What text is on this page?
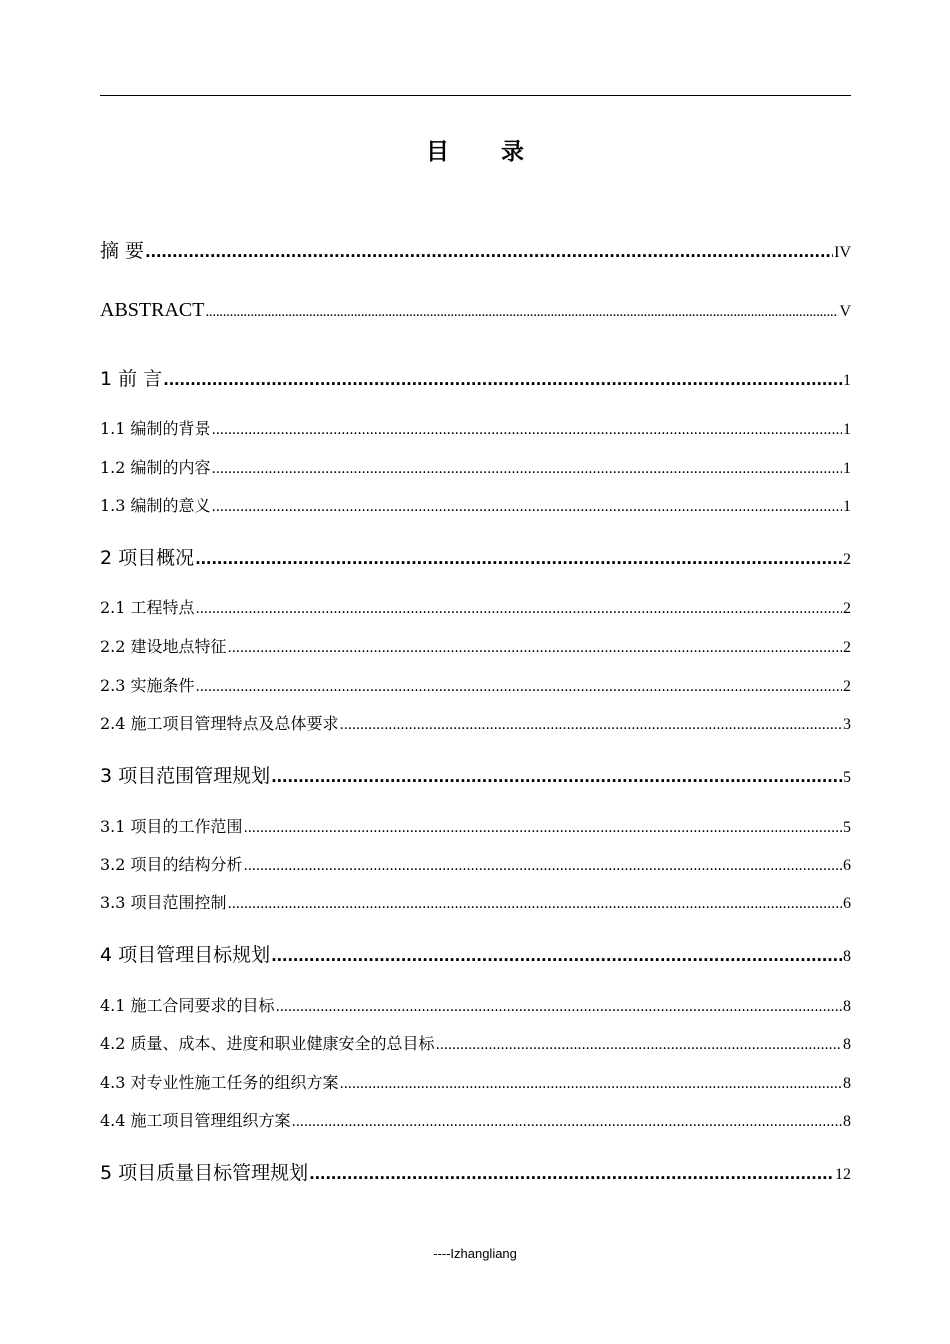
目 录
摘 要 .....	IV
ABSTRACT .....	V
1 前 言 .....	1
1.1 编制的背景 .....	1
1.2 编制的内容 .....	1
1.3 编制的意义 .....	1
2 项目概况 .....	2
2.1 工程特点 .....	2
2.2 建设地点特征 .....	2
2.3 实施条件 .....	2
2.4 施工项目管理特点及总体要求 .....	3
3 项目范围管理规划 .....	5
3.1 项目的工作范围 .....	5
3.2 项目的结构分析 .....	6
3.3 项目范围控制 .....	6
4 项目管理目标规划 .....	8
4.1 施工合同要求的目标 .....	8
4.2 质量、成本、进度和职业健康安全的总目标 .....	8
4.3 对专业性施工任务的组织方案 .....	8
4.4 施工项目管理组织方案 .....	8
5 项目质量目标管理规划 .....	12
----Izhangliang
